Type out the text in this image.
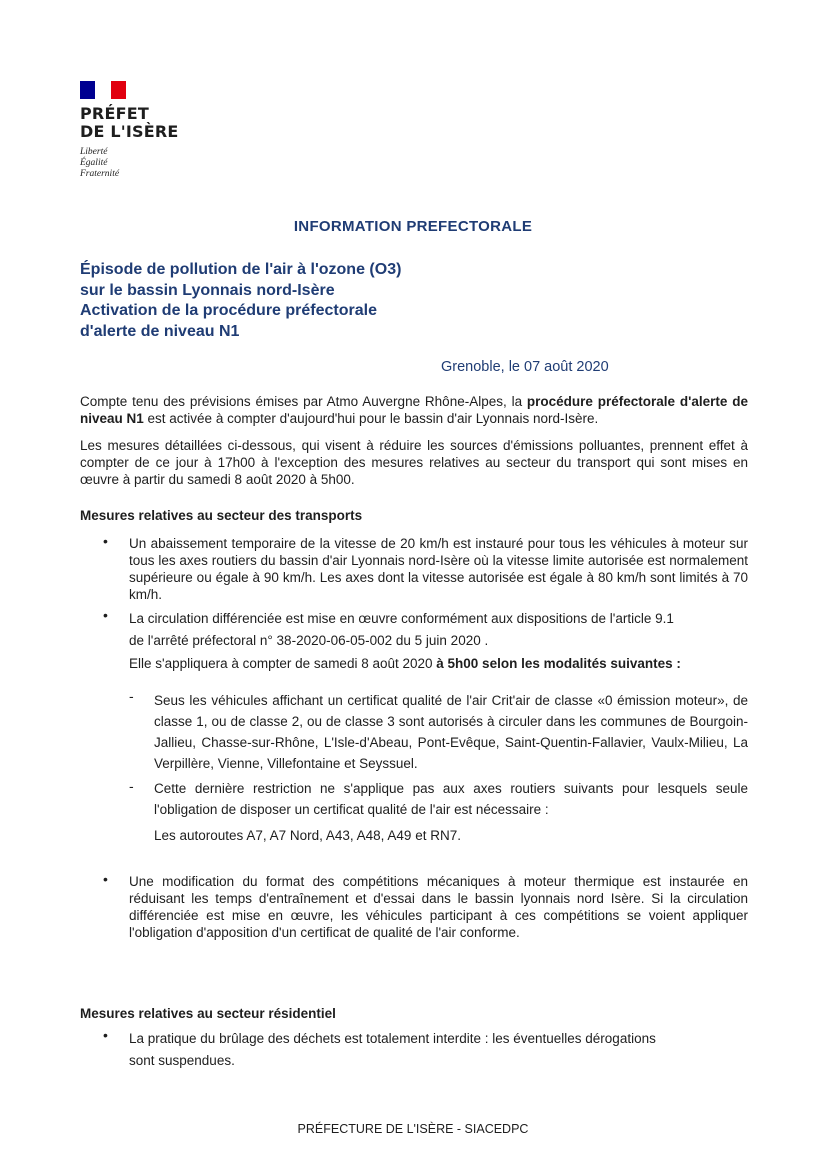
PRÉFET
DE L'ISÈRE
Liberté
Égalité
Fraternité
INFORMATION PREFECTORALE
Épisode de pollution de l'air à l'ozone (O3)
sur le bassin Lyonnais nord-Isère
Activation de la procédure préfectorale
d'alerte de niveau N1
Grenoble, le 07 août 2020
Compte tenu des prévisions émises par Atmo Auvergne Rhône-Alpes, la procédure préfectorale d'alerte de niveau N1 est activée à compter d'aujourd'hui pour le bassin d'air Lyonnais nord-Isère.
Les mesures détaillées ci-dessous, qui visent à réduire les sources d'émissions polluantes, prennent effet à compter de ce jour à 17h00 à l'exception des mesures relatives au secteur du transport qui sont mises en œuvre à partir du samedi 8 août 2020 à 5h00.
Mesures relatives au secteur des transports
• Un abaissement temporaire de la vitesse de 20 km/h est instauré pour tous les véhicules à moteur sur tous les axes routiers du bassin d'air Lyonnais nord-Isère où la vitesse limite autorisée est normalement supérieure ou égale à 90 km/h. Les axes dont la vitesse autorisée est égale à 80 km/h sont limités à 70 km/h.
• La circulation différenciée est mise en œuvre conformément aux dispositions de l'article 9.1
de l'arrêté préfectoral n° 38-2020-06-05-002 du 5 juin 2020 .
Elle s'appliquera à compter de samedi 8 août 2020 à 5h00 selon les modalités suivantes :
- Seus les véhicules affichant un certificat qualité de l'air Crit'air de classe «0 émission moteur», de classe 1, ou de classe 2, ou de classe 3 sont autorisés à circuler dans les communes de Bourgoin-Jallieu, Chasse-sur-Rhône, L'Isle-d'Abeau, Pont-Evêque, Saint-Quentin-Fallavier, Vaulx-Milieu, La Verpillère, Vienne, Villefontaine et Seyssuel.
- Cette dernière restriction ne s'applique pas aux axes routiers suivants pour lesquels seule l'obligation de disposer un certificat qualité de l'air est nécessaire :
Les autoroutes A7, A7 Nord, A43, A48, A49 et RN7.
• Une modification du format des compétitions mécaniques à moteur thermique est instaurée en réduisant les temps d'entraînement et d'essai dans le bassin lyonnais nord Isère. Si la circulation différenciée est mise en œuvre, les véhicules participant à ces compétitions se voient appliquer l'obligation d'apposition d'un certificat de qualité de l'air conforme.
Mesures relatives au secteur résidentiel
• La pratique du brûlage des déchets est totalement interdite : les éventuelles dérogations
sont suspendues.
PRÉFECTURE DE L'ISÈRE - SIACEDPC
